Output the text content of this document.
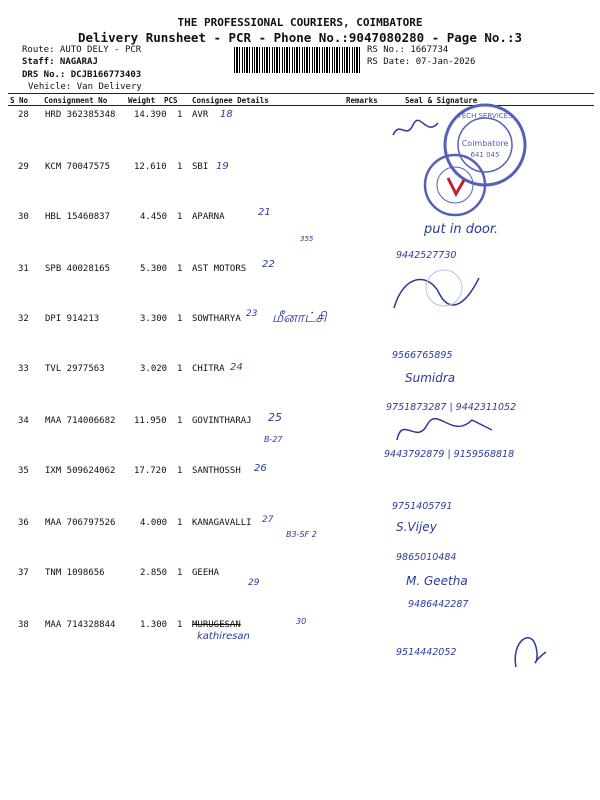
THE PROFESSIONAL COURIERS, COIMBATORE
Delivery Runsheet - PCR - Phone No.:9047080280 - Page No.:3
Route: AUTO DELY - PCR
Staff: NAGARAJ
DRS No.: DCJB166773403
Vehicle: Van Delivery
RS No.: 1667734
RS Date: 07-Jan-2026
S No Consignment No	Weight PCS Consignee Details	Remarks	Seal & Signature
28 HRD 362385348 14.390 1 AVR 18
29 KCM 70047575	12.610 1 SBI 19
30 HBL 15460837	4.450 1 APARNA	21
355
31 SPB 40028165	5.300 1 AST MOTORS 22
32 DPI 914213	3.300 1 SOWTHARYA 23 மீனாட்சி
33 TVL 2977563	3.020 1 CHITRA 24
34 MAA 714006682 11.950 1 GOVINTHARAJ 25
B-27
35 IXM 509624062 17.720 1 SANTHOSSH 26
36 MAA 706797526	4.000 1 KANAGAVALLI 27
B3-SF 2
37 TNM 1098656	2.850 1 GEEHA
29
38 MAA 714328844	1.300 1 MURUGESAN	30
kathiresan
put in door.
9442527730
9566765895
Sumidra
9751873287 | 9442311052
9443792879 | 9159568818
9751405791
S.Vijey
9865010484
M. Geetha
9486442287
9514442052
TECH SERVICES
Coimbatore
641 045
